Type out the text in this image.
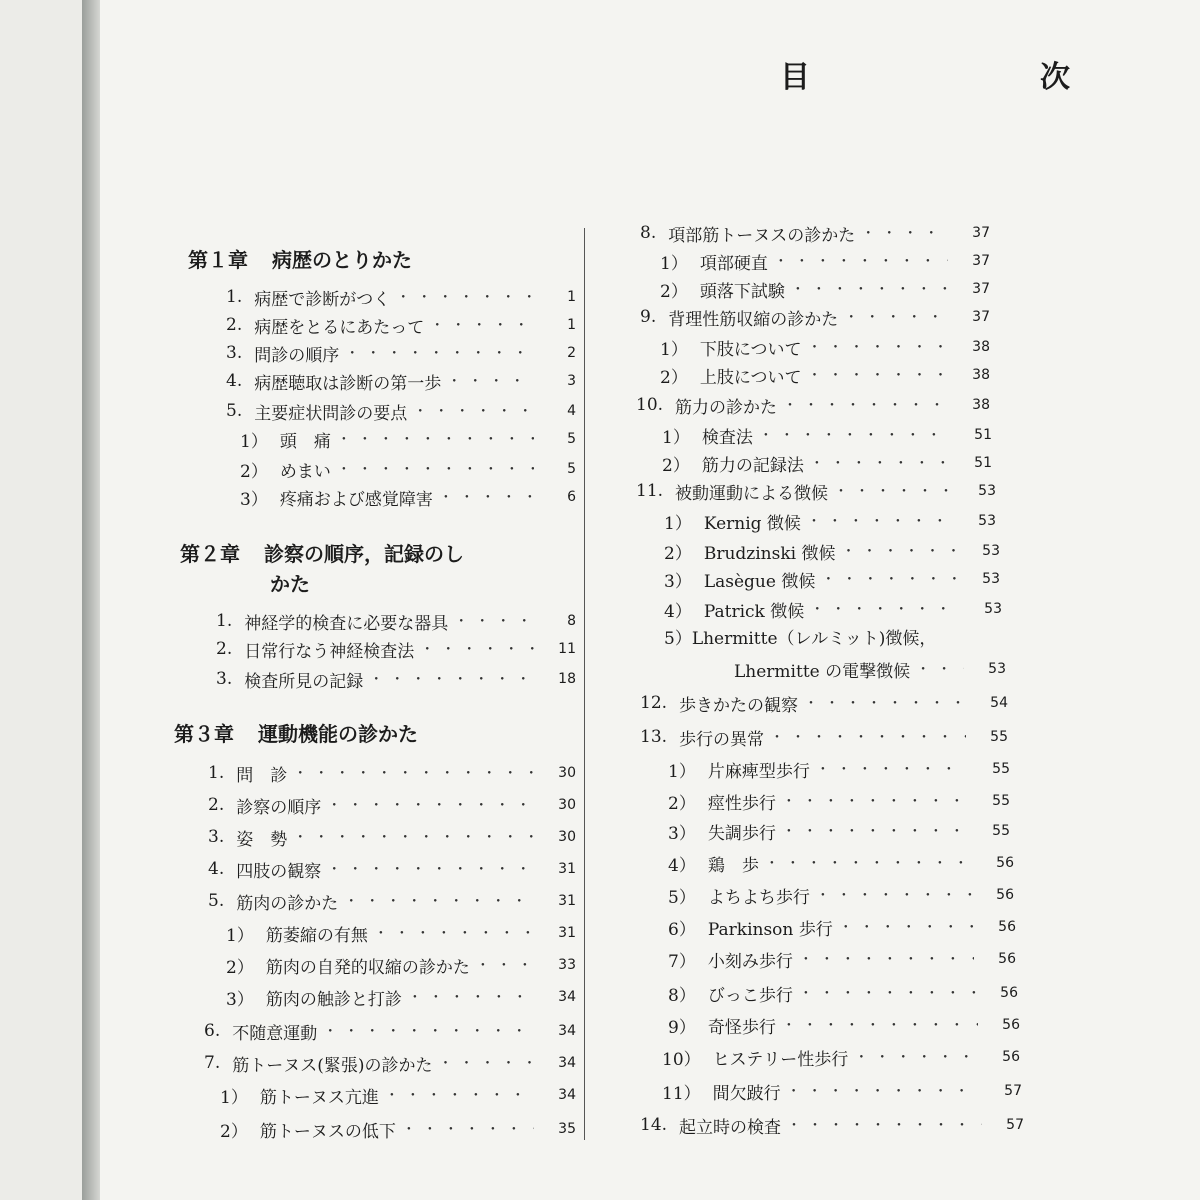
目　次
第１章 病歴のとりかた
1. 病歴で診断がつく ・・・・・・・・・・・・・・・・・・・・・・・・・・・・・・・・・・・・・・	1
2. 病歴をとるにあたって ・・・・・・・・・・・・・・・・・・・・・・・・・・・・・・・・・・・・・・	1
3. 問診の順序 ・・・・・・・・・・・・・・・・・・・・・・・・・・・・・・・・・・・・・・	2
4. 病歴聴取は診断の第一歩 ・・・・・・・・・・・・・・・・・・・・・・・・・・・・・・・・・・・・・・	3
5. 主要症状問診の要点 ・・・・・・・・・・・・・・・・・・・・・・・・・・・・・・・・・・・・・・	4
1） 頭　痛 ・・・・・・・・・・・・・・・・・・・・・・・・・・・・・・・・・・・・・・	5
2） めまい ・・・・・・・・・・・・・・・・・・・・・・・・・・・・・・・・・・・・・・	5
3） 疼痛および感覚障害 ・・・・・・・・・・・・・・・・・・・・・・・・・・・・・・・・・・・・・・	6
第２章 診察の順序，記録のし
かた
1. 神経学的検査に必要な器具 ・・・・・・・・・・・・・・・・・・・・・・・・・・・・・・・・・・・・・・	8
2. 日常行なう神経検査法 ・・・・・・・・・・・・・・・・・・・・・・・・・・・・・・・・・・・・・・	11
3. 検査所見の記録 ・・・・・・・・・・・・・・・・・・・・・・・・・・・・・・・・・・・・・・	18
第３章 運動機能の診かた
1. 問　診 ・・・・・・・・・・・・・・・・・・・・・・・・・・・・・・・・・・・・・・	30
2. 診察の順序 ・・・・・・・・・・・・・・・・・・・・・・・・・・・・・・・・・・・・・・	30
3. 姿　勢 ・・・・・・・・・・・・・・・・・・・・・・・・・・・・・・・・・・・・・・	30
4. 四肢の観察 ・・・・・・・・・・・・・・・・・・・・・・・・・・・・・・・・・・・・・・	31
5. 筋肉の診かた ・・・・・・・・・・・・・・・・・・・・・・・・・・・・・・・・・・・・・・	31
1） 筋萎縮の有無 ・・・・・・・・・・・・・・・・・・・・・・・・・・・・・・・・・・・・・・	31
2） 筋肉の自発的収縮の診かた ・・・・・・・・・・・・・・・・・・・・・・・・・・・・・・・・・・・・・・	33
3） 筋肉の触診と打診 ・・・・・・・・・・・・・・・・・・・・・・・・・・・・・・・・・・・・・・	34
6. 不随意運動 ・・・・・・・・・・・・・・・・・・・・・・・・・・・・・・・・・・・・・・	34
7. 筋トーヌス(緊張)の診かた ・・・・・・・・・・・・・・・・・・・・・・・・・・・・・・・・・・・・・・	34
1） 筋トーヌス亢進 ・・・・・・・・・・・・・・・・・・・・・・・・・・・・・・・・・・・・・・	34
2） 筋トーヌスの低下 ・・・・・・・・・・・・・・・・・・・・・・・・・・・・・・・・・・・・・・	35
8. 項部筋トーヌスの診かた ・・・・・・・・・・・・・・・・・・・・・・・・・・・・・・・・・・・・・・	37
1） 項部硬直 ・・・・・・・・・・・・・・・・・・・・・・・・・・・・・・・・・・・・・・	37
2） 頭落下試験 ・・・・・・・・・・・・・・・・・・・・・・・・・・・・・・・・・・・・・・	37
9. 背理性筋収縮の診かた ・・・・・・・・・・・・・・・・・・・・・・・・・・・・・・・・・・・・・・	37
1） 下肢について ・・・・・・・・・・・・・・・・・・・・・・・・・・・・・・・・・・・・・・	38
2） 上肢について ・・・・・・・・・・・・・・・・・・・・・・・・・・・・・・・・・・・・・・	38
10. 筋力の診かた ・・・・・・・・・・・・・・・・・・・・・・・・・・・・・・・・・・・・・・	38
1） 検査法 ・・・・・・・・・・・・・・・・・・・・・・・・・・・・・・・・・・・・・・	51
2） 筋力の記録法 ・・・・・・・・・・・・・・・・・・・・・・・・・・・・・・・・・・・・・・	51
11. 被動運動による徴候 ・・・・・・・・・・・・・・・・・・・・・・・・・・・・・・・・・・・・・・	53
1） Kernig 徴候 ・・・・・・・・・・・・・・・・・・・・・・・・・・・・・・・・・・・・・・	53
2） Brudzinski 徴候 ・・・・・・・・・・・・・・・・・・・・・・・・・・・・・・・・・・・・・・	53
3） Lasègue 徴候 ・・・・・・・・・・・・・・・・・・・・・・・・・・・・・・・・・・・・・・	53
4） Patrick 徴候 ・・・・・・・・・・・・・・・・・・・・・・・・・・・・・・・・・・・・・・	53
5）Lhermitte（レルミット)徴候，
Lhermitte の電撃徴候 ・・・・・・・・・・・・・・・・・・・・・・・・・・・・・・・・・・・・・・	53
12. 歩きかたの観察 ・・・・・・・・・・・・・・・・・・・・・・・・・・・・・・・・・・・・・・	54
13. 歩行の異常 ・・・・・・・・・・・・・・・・・・・・・・・・・・・・・・・・・・・・・・	55
1） 片麻痺型歩行 ・・・・・・・・・・・・・・・・・・・・・・・・・・・・・・・・・・・・・・	55
2） 痙性歩行 ・・・・・・・・・・・・・・・・・・・・・・・・・・・・・・・・・・・・・・	55
3） 失調歩行 ・・・・・・・・・・・・・・・・・・・・・・・・・・・・・・・・・・・・・・	55
4） 鶏　歩 ・・・・・・・・・・・・・・・・・・・・・・・・・・・・・・・・・・・・・・	56
5） よちよち歩行 ・・・・・・・・・・・・・・・・・・・・・・・・・・・・・・・・・・・・・・	56
6） Parkinson 歩行 ・・・・・・・・・・・・・・・・・・・・・・・・・・・・・・・・・・・・・・	56
7） 小刻み歩行 ・・・・・・・・・・・・・・・・・・・・・・・・・・・・・・・・・・・・・・	56
8） びっこ歩行 ・・・・・・・・・・・・・・・・・・・・・・・・・・・・・・・・・・・・・・	56
9） 奇怪歩行 ・・・・・・・・・・・・・・・・・・・・・・・・・・・・・・・・・・・・・・	56
10） ヒステリー性歩行 ・・・・・・・・・・・・・・・・・・・・・・・・・・・・・・・・・・・・・・	56
11） 間欠跛行 ・・・・・・・・・・・・・・・・・・・・・・・・・・・・・・・・・・・・・・	57
14. 起立時の検査 ・・・・・・・・・・・・・・・・・・・・・・・・・・・・・・・・・・・・・・	57
